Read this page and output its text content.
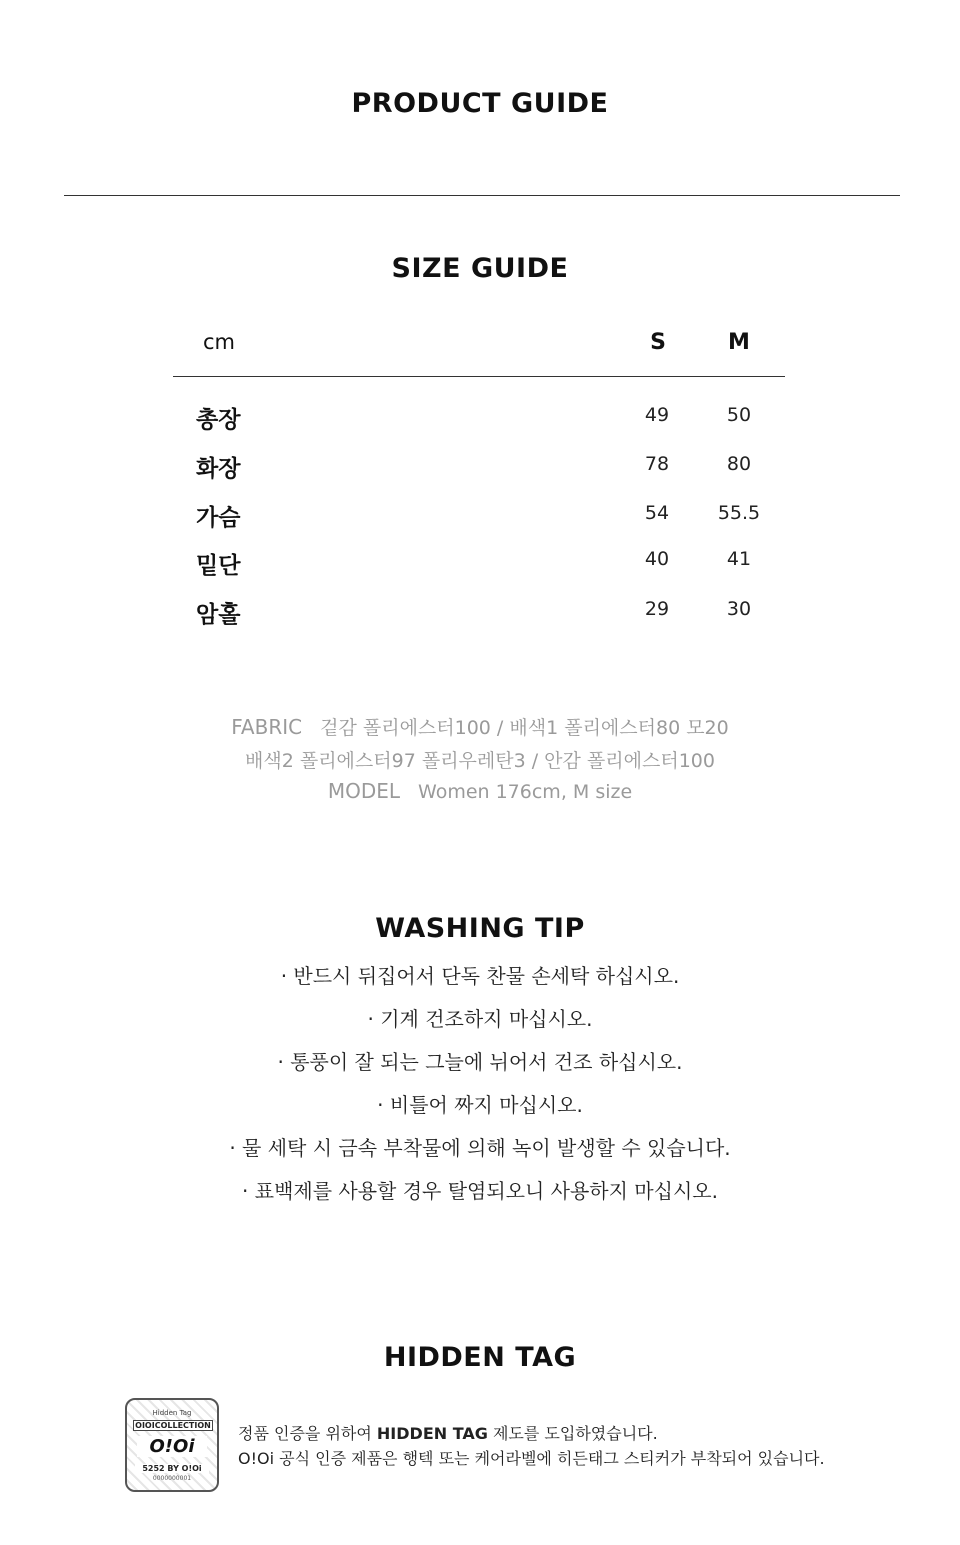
PRODUCT GUIDE
SIZE GUIDE
cm	S	M
총장	49	50
화장	78	80
가슴	54	55.5
밑단	40	41
암홀	29	30
FABRIC 겉감 폴리에스터100 / 배색1 폴리에스터80 모20
배색2 폴리에스터97 폴리우레탄3 / 안감 폴리에스터100
MODEL Women 176cm, M size
WASHING TIP
· 반드시 뒤집어서 단독 찬물 손세탁 하십시오.
· 기계 건조하지 마십시오.
· 통풍이 잘 되는 그늘에 뉘어서 건조 하십시오.
· 비틀어 짜지 마십시오.
· 물 세탁 시 금속 부착물에 의해 녹이 발생할 수 있습니다.
· 표백제를 사용할 경우 탈염되오니 사용하지 마십시오.
HIDDEN TAG
Hidden Tag
OIOICOLLECTION
O!Oi
5252 BY O!Oi
0000000001
정품 인증을 위하여 HIDDEN TAG 제도를 도입하였습니다.
O!Oi 공식 인증 제품은 행텍 또는 케어라벨에 히든태그 스티커가 부착되어 있습니다.
